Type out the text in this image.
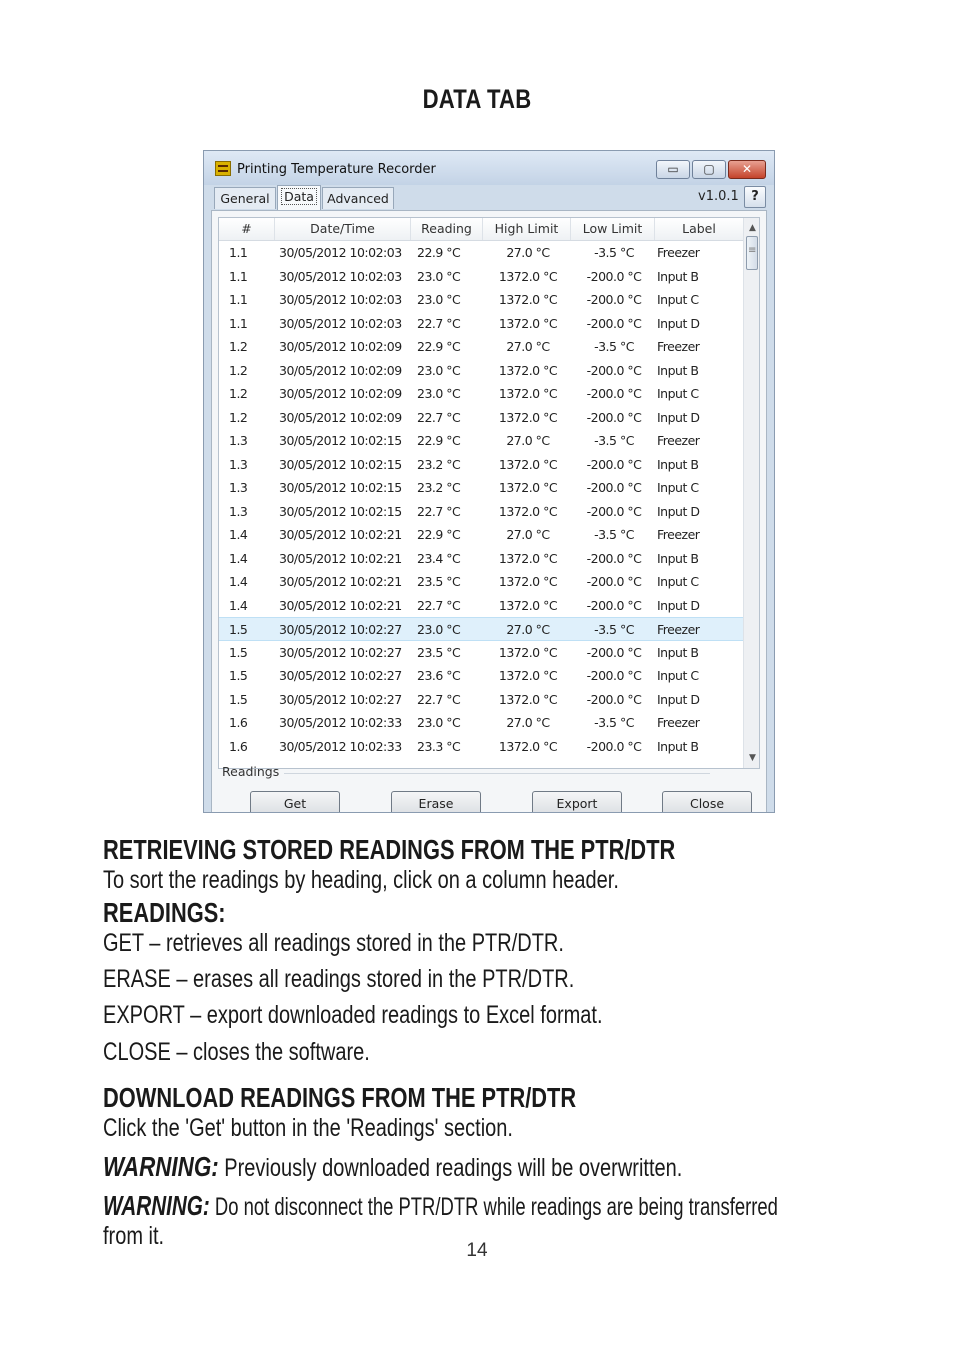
DATA TAB
Printing Temperature Recorder	▭	▢	✕
General	Data	Advanced	v1.0.1 ?
#	Date/Time	Reading	High Limit	Low Limit	Label
1.1	30/05/2012 10:02:03	22.9 °C	27.0 °C	-3.5 °C	Freezer
1.1	30/05/2012 10:02:03	23.0 °C	1372.0 °C	-200.0 °C	Input B
1.1	30/05/2012 10:02:03	23.0 °C	1372.0 °C	-200.0 °C	Input C
1.1	30/05/2012 10:02:03	22.7 °C	1372.0 °C	-200.0 °C	Input D
1.2	30/05/2012 10:02:09	22.9 °C	27.0 °C	-3.5 °C	Freezer
1.2	30/05/2012 10:02:09	23.0 °C	1372.0 °C	-200.0 °C	Input B
1.2	30/05/2012 10:02:09	23.0 °C	1372.0 °C	-200.0 °C	Input C
1.2	30/05/2012 10:02:09	22.7 °C	1372.0 °C	-200.0 °C	Input D
1.3	30/05/2012 10:02:15	22.9 °C	27.0 °C	-3.5 °C	Freezer
1.3	30/05/2012 10:02:15	23.2 °C	1372.0 °C	-200.0 °C	Input B
1.3	30/05/2012 10:02:15	23.2 °C	1372.0 °C	-200.0 °C	Input C
1.3	30/05/2012 10:02:15	22.7 °C	1372.0 °C	-200.0 °C	Input D
1.4	30/05/2012 10:02:21	22.9 °C	27.0 °C	-3.5 °C	Freezer
1.4	30/05/2012 10:02:21	23.4 °C	1372.0 °C	-200.0 °C	Input B
1.4	30/05/2012 10:02:21	23.5 °C	1372.0 °C	-200.0 °C	Input C
1.4	30/05/2012 10:02:21	22.7 °C	1372.0 °C	-200.0 °C	Input D
1.5	30/05/2012 10:02:27	23.0 °C	27.0 °C	-3.5 °C	Freezer
1.5	30/05/2012 10:02:27	23.5 °C	1372.0 °C	-200.0 °C	Input B
1.5	30/05/2012 10:02:27	23.6 °C	1372.0 °C	-200.0 °C	Input C
1.5	30/05/2012 10:02:27	22.7 °C	1372.0 °C	-200.0 °C	Input D
1.6	30/05/2012 10:02:33	23.0 °C	27.0 °C	-3.5 °C	Freezer
1.6	30/05/2012 10:02:33	23.3 °C	1372.0 °C	-200.0 °C	Input B
▲
≡
▼
Readings
Get	Erase	Export	Close
RETRIEVING STORED READINGS FROM THE PTR/DTR
To sort the readings by heading, click on a column header.
READINGS:
GET – retrieves all readings stored in the PTR/DTR.
ERASE – erases all readings stored in the PTR/DTR.
EXPORT – export downloaded readings to Excel format.
CLOSE – closes the software.
DOWNLOAD READINGS FROM THE PTR/DTR
Click the 'Get' button in the 'Readings' section.
WARNING: Previously downloaded readings will be overwritten.
WARNING: Do not disconnect the PTR/DTR while readings are being transferred
from it.
14
